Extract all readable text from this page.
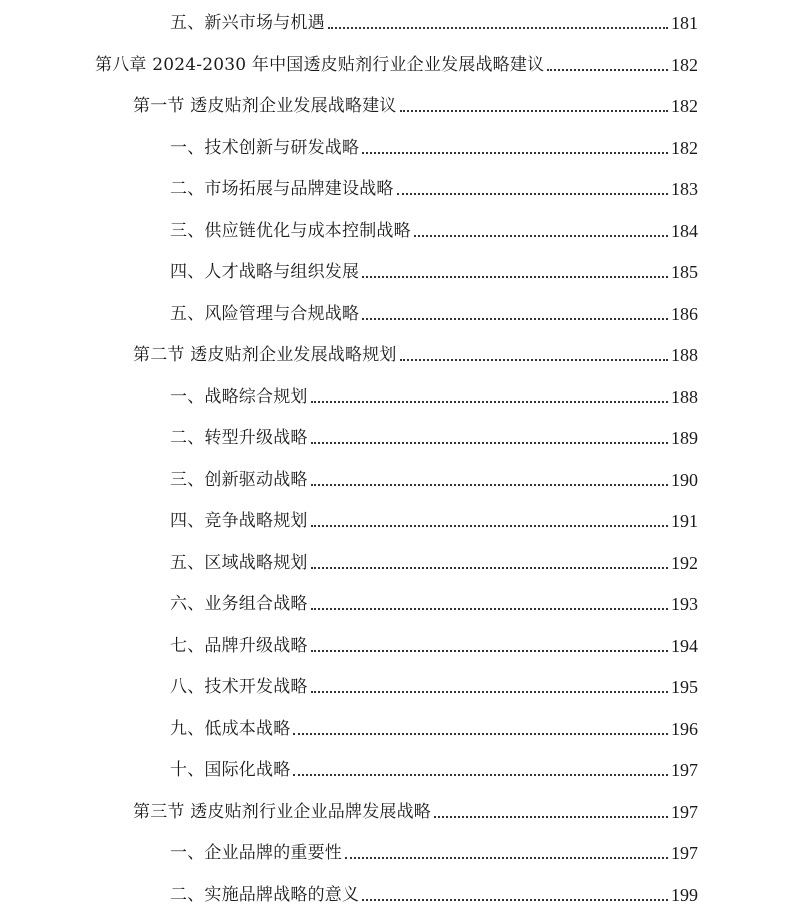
五、新兴市场与机遇	181
第八章 2024-2030 年中国透皮贴剂行业企业发展战略建议	182
第一节 透皮贴剂企业发展战略建议	182
一、技术创新与研发战略	182
二、市场拓展与品牌建设战略	183
三、供应链优化与成本控制战略	184
四、人才战略与组织发展	185
五、风险管理与合规战略	186
第二节 透皮贴剂企业发展战略规划	188
一、战略综合规划	188
二、转型升级战略	189
三、创新驱动战略	190
四、竞争战略规划	191
五、区域战略规划	192
六、业务组合战略	193
七、品牌升级战略	194
八、技术开发战略	195
九、低成本战略	196
十、国际化战略	197
第三节 透皮贴剂行业企业品牌发展战略	197
一、企业品牌的重要性	197
二、实施品牌战略的意义	199
